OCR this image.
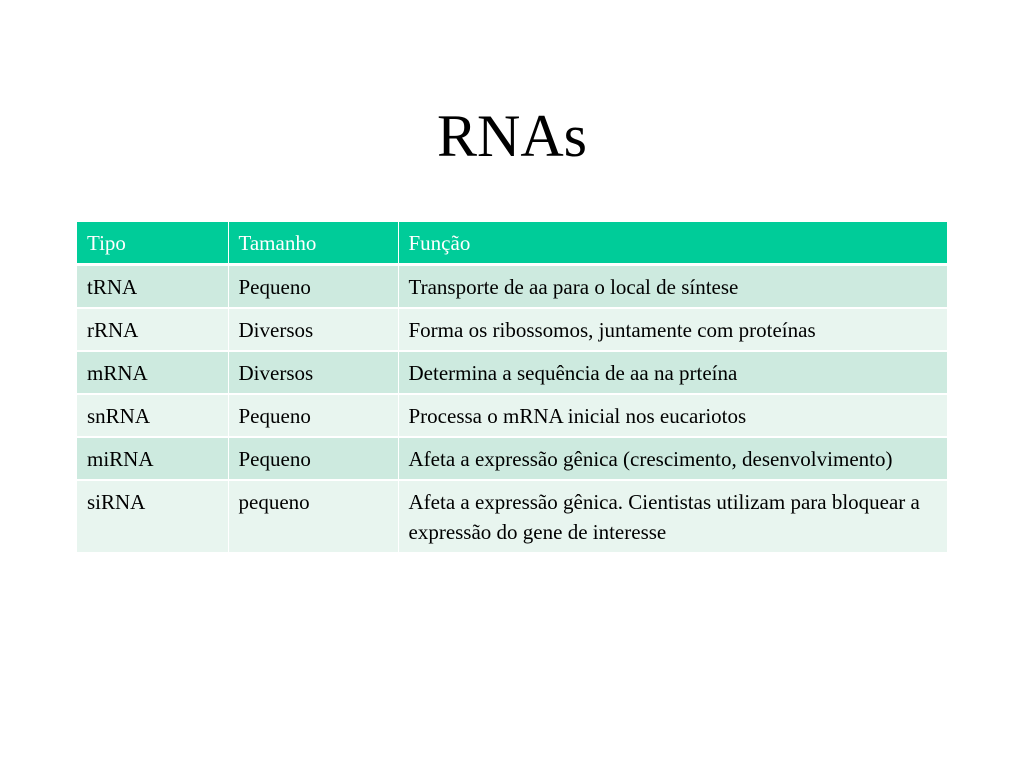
RNAs
Tipo	Tamanho	Função
tRNA	Pequeno	Transporte de aa para o local de síntese
rRNA	Diversos	Forma os ribossomos, juntamente com proteínas
mRNA	Diversos	Determina a sequência de aa na prteína
snRNA	Pequeno	Processa o mRNA inicial nos eucariotos
miRNA	Pequeno	Afeta a expressão gênica (crescimento, desenvolvimento)
siRNA	pequeno	Afeta a expressão gênica. Cientistas utilizam para bloquear a expressão do gene de interesse
